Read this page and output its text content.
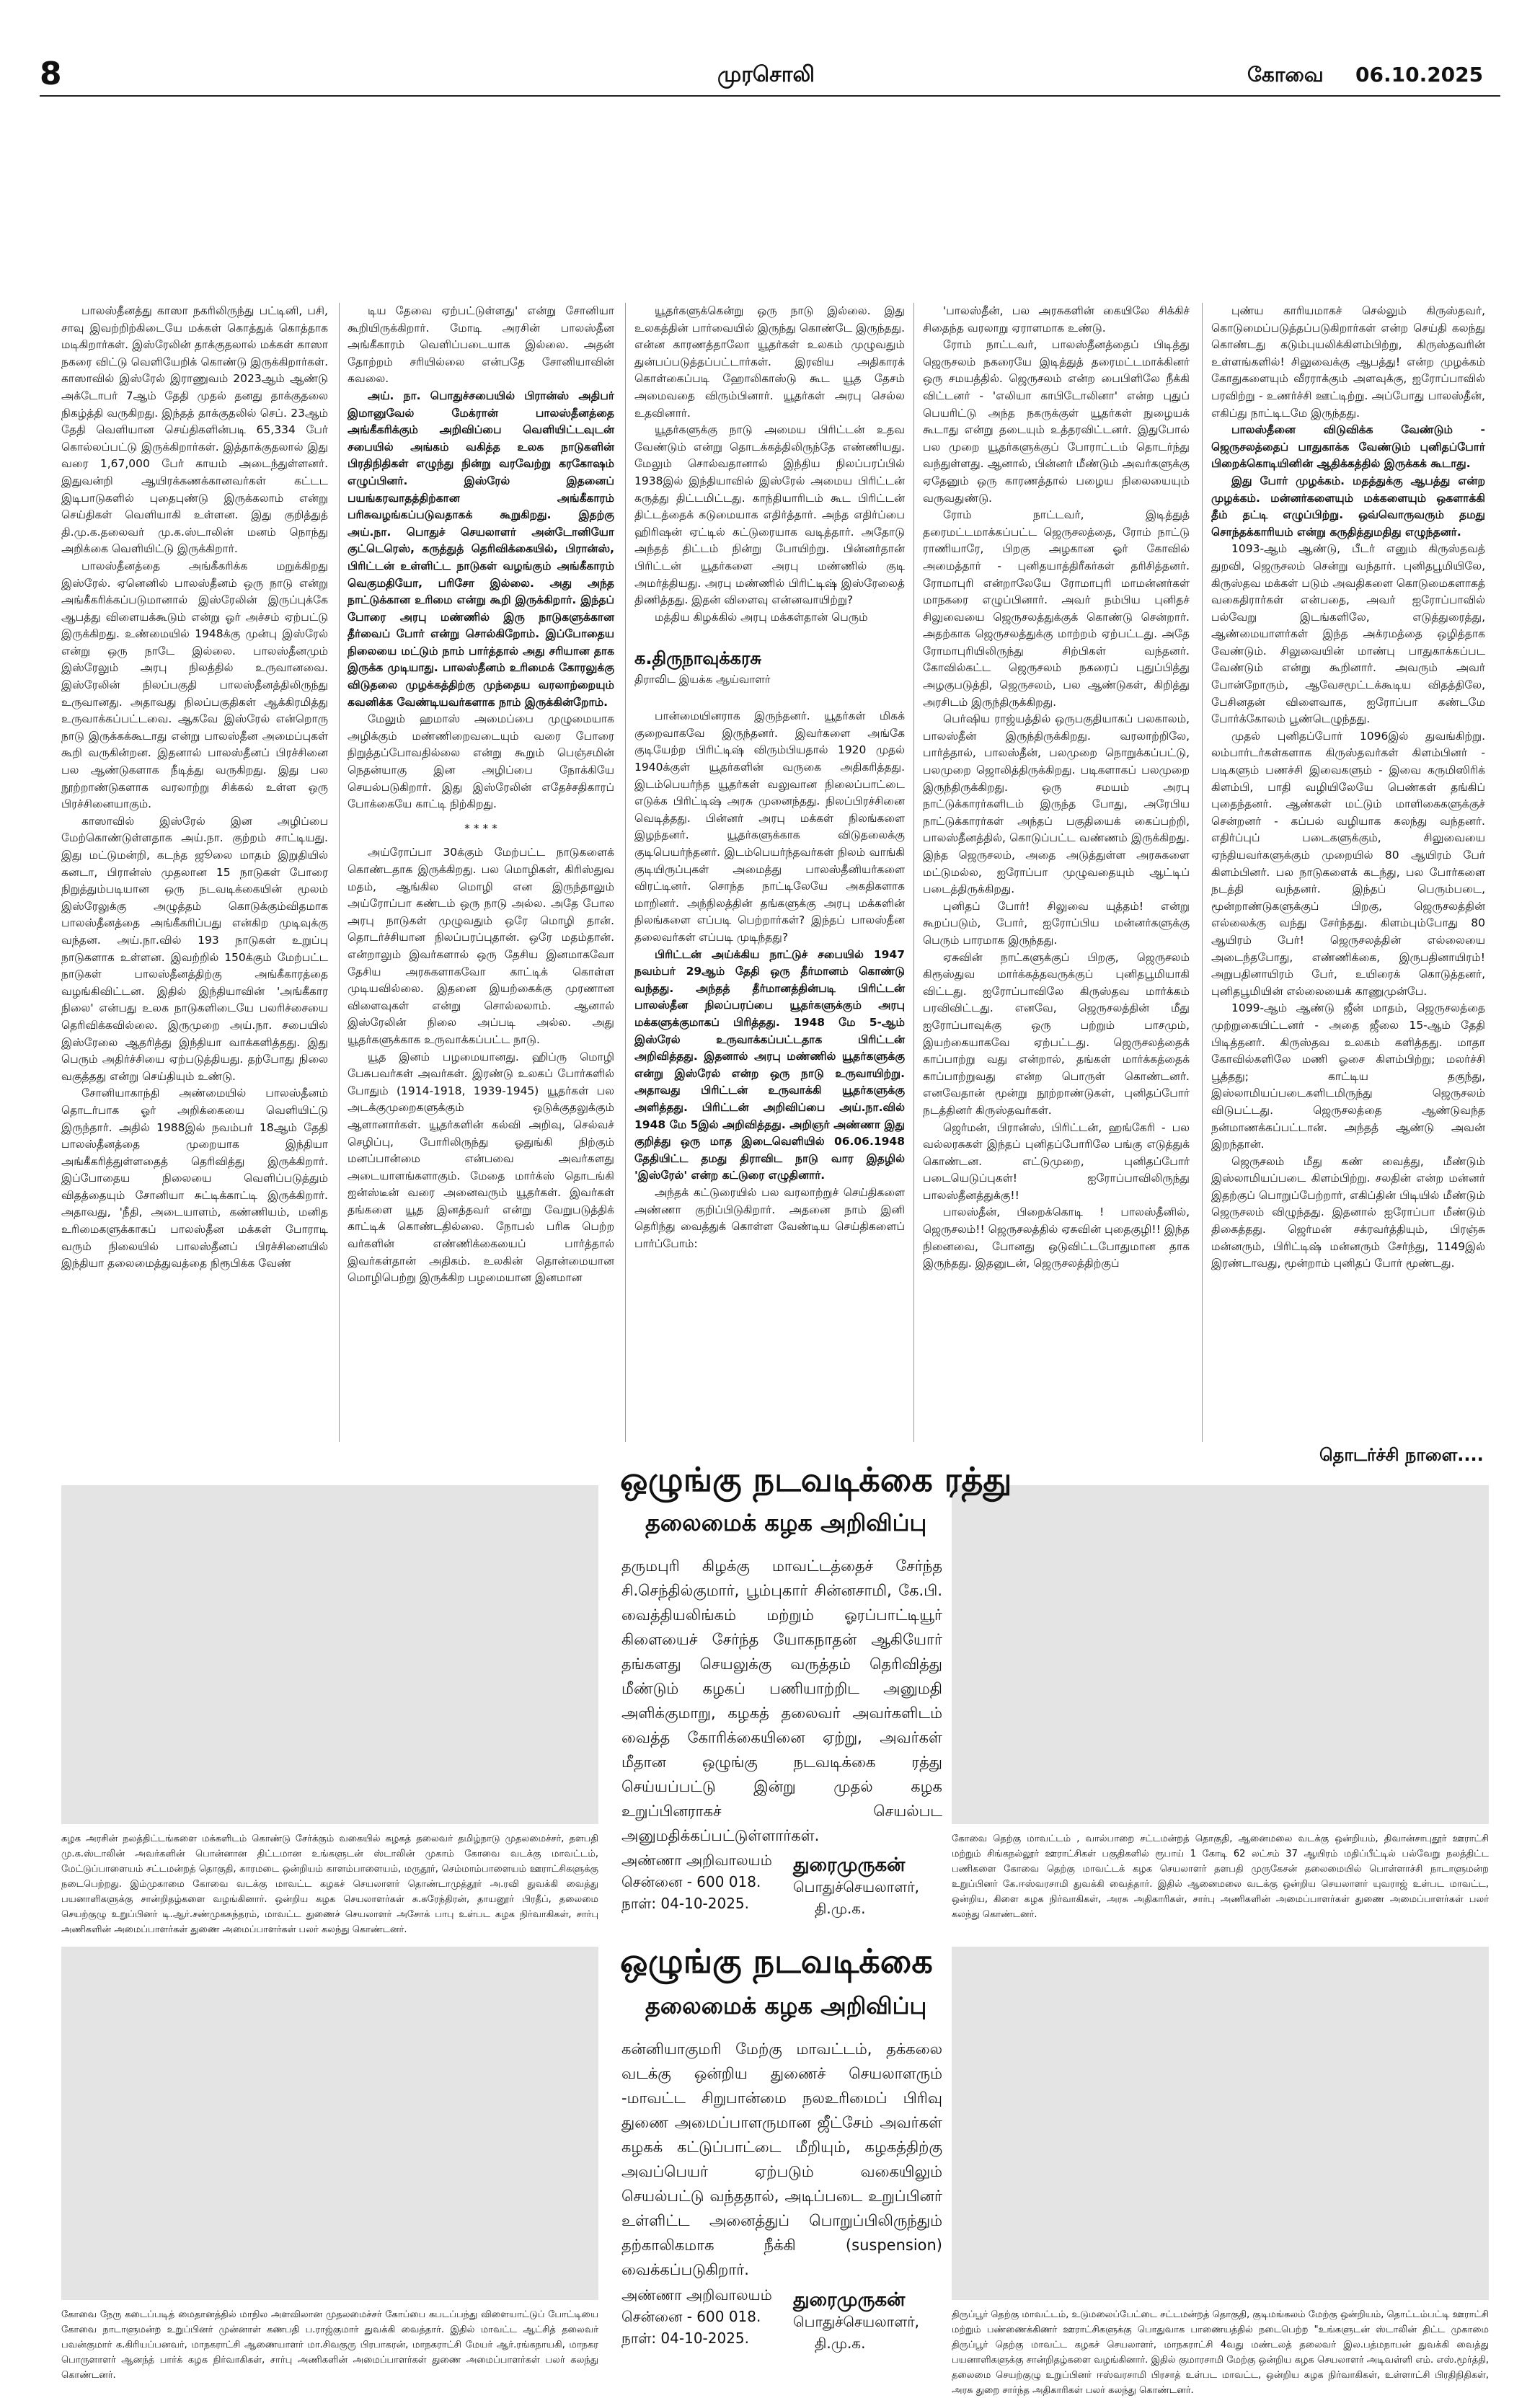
8	முரசொலி	கோவை 06.10.2025

பாலஸ்தீனத்து காஸா நகரிலிருந்து பட்டினி, பசி, சாவு இவற்றிற்கிடையே மக்கள் கொத்துக் கொத்தாக மடிகிறார்கள். இஸ்ரேலின் தாக்குதலால் மக்கள் காஸா நகரை விட்டு வெளியேறிக் கொண்டு இருக்கிறார்கள். காஸாவில் இஸ்ரேல் இராணுவம் 2023ஆம் ஆண்டு அக்டோபர் 7ஆம் தேதி முதல் தனது தாக்குதலை நிகழ்த்தி வருகிறது. இந்தத் தாக்குதலில் செப். 23ஆம் தேதி வெளியான செய்திகளின்படி 65,334 பேர் கொல்லப்பட்டு இருக்கிறார்கள். இத்தாக்குதலால் இது வரை 1,67,000 பேர் காயம் அடைந்துள்ளனர். இதுவன்றி ஆயிரக்கணக்கானவர்கள் கட்டட இடிபாடுகளில் புதைபுண்டு இருக்கலாம் என்று செய்திகள் வெளியாகி உள்ளன. இது குறித்துத் தி.மு.க.தலைவர் மு.க.ஸ்டாலின் மனம் நொந்து அறிக்கை வெளியிட்டு இருக்கிறார்.

பாலஸ்தீனத்தை அங்கீகரிக்க மறுக்கிறது இஸ்ரேல். ஏனெனில் பாலஸ்தீனம் ஒரு நாடு என்று அங்கீகரிக்கப்படுமானால் இஸ்ரேலின் இருப்புக்கே ஆபத்து விளையக்கூடும் என்று ஓர் அச்சம் ஏற்பட்டு இருக்கிறது. உண்மையில் 1948க்கு முன்பு இஸ்ரேல் என்று ஒரு நாடே இல்லை. பாலஸ்தீனமும் இஸ்ரேலும் அரபு நிலத்தில் உருவானவை. இஸ்ரேலின் நிலப்பகுதி பாலஸ்தீனத்திலிருந்து உருவானது. அதாவது நிலப்பகுதிகள் ஆக்கிரமித்து உருவாக்கப்பட்டவை. ஆகவே இஸ்ரேல் என்றொரு நாடு இருக்கக்கூடாது என்று பாலஸ்தீன அமைப்புகள் கூறி வருகின்றன. இதனால் பாலஸ்தீனப் பிரச்சினை பல ஆண்டுகளாக நீடித்து வருகிறது. இது பல நூற்றாண்டுகளாக வரலாற்று சிக்கல் உள்ள ஒரு பிரச்சினையாகும்.

காஸாவில் இஸ்ரேல் இன அழிப்பை மேற்கொண்டுள்ளதாக அய்.நா. குற்றம் சாட்டியது. இது மட்டுமன்றி, கடந்த ஜூலை மாதம் இறுதியில் கனடா, பிரான்ஸ் முதலான 15 நாடுகள் போரை நிறுத்தும்படியான ஒரு நடவடிக்கையின் மூலம் இஸ்ரேலுக்கு அழுத்தம் கொடுக்கும்விதமாக பாலஸ்தீனத்தை அங்கீகரிப்பது என்கிற முடிவுக்கு வந்தன. அய்.நா.வில் 193 நாடுகள் உறுப்பு நாடுகளாக உள்ளன. இவற்றில் 150க்கும் மேற்பட்ட நாடுகள் பாலஸ்தீனத்திற்கு அங்கீகாரத்தை வழங்கிவிட்டன. இதில் இந்தியாவின் 'அங்கீகார நிலை' என்பது உலக நாடுகளிடையே பலரிச்சையை தெரிவிக்கவில்லை. இருமுறை அய்.நா. சபையில் இஸ்ரேலை ஆதரித்து இந்தியா வாக்களித்தது. இது பெரும் அதிர்ச்சியை ஏற்படுத்தியது. தற்போது நிலை வகுத்தது என்று செய்தியும் உண்டு.

சோனியாகாந்தி அண்மையில் பாலஸ்தீனம் தொடர்பாக ஓர் அறிக்கையை வெளியிட்டு இருந்தார். அதில் 1988இல் நவம்பர் 18ஆம் தேதி பாலஸ்தீனத்தை முறையாக இந்தியா அங்கீகரித்துள்ளதைத் தெரிவித்து இருக்கிறார். இப்போதைய நிலையை வெளிப்படுத்தும் விதத்தையும் சோனியா சுட்டிக்காட்டி இருக்கிறார். அதாவது, 'நீதி, அடையாளம், கண்ணியம், மனித உரிமைகளுக்காகப் பாலஸ்தீன மக்கள் போராடி வரும் நிலையில் பாலஸ்தீனப் பிரச்சினையில் இந்தியா தலைமைத்துவத்தை நிரூபிக்க வேண்

டிய தேவை ஏற்பட்டுள்ளது' என்று சோனியா கூறியிருக்கிறார். மோடி அரசின் பாலஸ்தீன அங்கீகாரம் வெளிப்படையாக இல்லை. அதன் தோற்றம் சரியில்லை என்பதே சோனியாவின் கவலை.

அய். நா. பொதுச்சபையில் பிரான்ஸ் அதிபர் இமானுவேல் மேக்ரான் பாலஸ்தீனத்தை அங்கீகரிக்கும் அறிவிப்பை வெளியிட்டவுடன் சபையில் அங்கம் வகித்த உலக நாடுகளின் பிரதிநிதிகள் எழுந்து நின்று வரவேற்று கரகோஷம் எழுப்பினர். இஸ்ரேல் இதனைப் பயங்கரவாதத்திற்கான அங்கீகாரம் பரிசுவழங்கப்படுவதாகக் கூறுகிறது. இதற்கு அய்.நா. பொதுச் செயலாளர் அன்டோனியோ குட்டெரெஸ், கருத்துத் தெரிவிக்கையில், பிரான்ஸ், பிரிட்டன் உள்ளிட்ட நாடுகள் வழங்கும் அங்கீகாரம் வெகுமதியோ, பரிசோ இல்லை. அது அந்த நாட்டுக்கான உரிமை என்று கூறி இருக்கிறார். இந்தப் போரை அரபு மண்ணில் இரு நாடுகளுக்கான தீர்வைப் போர் என்று சொல்கிறோம். இப்போதைய நிலையை மட்டும் நாம் பார்த்தால் அது சரியான தாக இருக்க முடியாது. பாலஸ்தீனம் உரிமைக் கோரலுக்கு விடுதலை முழக்கத்திற்கு முந்தைய வரலாற்றையும் கவனிக்க வேண்டியவர்களாக நாம் இருக்கின்றோம்.

மேலும் ஹமாஸ் அமைப்பை முழுமையாக அழிக்கும் மண்ணிறைவடையும் வரை போரை நிறுத்தப்போவதில்லை என்று கூறும் பெஞ்சமின் நெதன்யாகு இன அழிப்பை நோக்கியே செயல்படுகிறார். இது இஸ்ரேலின் எதேச்சதிகாரப் போக்கையே காட்டி நிற்கிறது.

* * * *

அய்ரோப்பா 30க்கும் மேற்பட்ட நாடுகளைக் கொண்டதாக இருக்கிறது. பல மொழிகள், கிரிஸ்துவ மதம், ஆங்கில மொழி என இருந்தாலும் அய்ரோப்பா கண்டம் ஒரு நாடு அல்ல. அதே போல அரபு நாடுகள் முழுவதும் ஒரே மொழி தான். தொடர்ச்சியான நிலப்பரப்புதான். ஒரே மதம்தான். என்றாலும் இவர்களால் ஒரு தேசிய இனமாகவோ தேசிய அரசுகளாகவோ காட்டிக் கொள்ள முடியவில்லை. இதனை இயற்கைக்கு முரணான விளைவுகள் என்று சொல்லலாம். ஆனால் இஸ்ரேலின் நிலை அப்படி அல்ல. அது யூதர்களுக்காக உருவாக்கப்பட்ட நாடு.

யூத இனம் பழமையானது. ஹிப்ரு மொழி பேசுபவர்கள் அவர்கள். இரண்டு உலகப் போர்களில் போதும் (1914-1918, 1939-1945) யூதர்கள் பல அடக்குமுறைகளுக்கும் ஒடுக்குதலுக்கும் ஆளானார்கள். யூதர்களின் கல்வி அறிவு, செல்வச் செழிப்பு, போரிலிருந்து ஓதுங்கி நிற்கும் மனப்பான்மை என்பவை அவர்களது அடையாளங்களாகும். மேதை மார்க்ஸ் தொடங்கி ஐன்ஸ்டீன் வரை அனைவரும் யூதர்கள். இவர்கள் தங்களை யூத இனத்தவர் என்று வேறுபடுத்திக் காட்டிக் கொண்டதில்லை. நோபல் பரிசு பெற்ற வர்களின் எண்ணிக்கையைப் பார்த்தால் இவர்கள்தான் அதிகம். உலகின் தொன்மையான மொழிபெற்று இருக்கிற பழமையான இனமான

யூதர்களுக்கென்று ஒரு நாடு இல்லை. இது உலகத்தின் பார்வையில் இருந்து கொண்டே இருந்தது. என்ன காரணத்தாலோ யூதர்கள் உலகம் முழுவதும் துன்பப்படுத்தப்பட்டார்கள். இரவிய அதிகாரக் கொள்கைப்படி ஹோலிகாஸ்டு கூட யூத தேசம் அமைவதை விரும்பினார். யூதர்கள் அரபு செல்ல உதவினார்.

யூதர்களுக்கு நாடு அமைய பிரிட்டன் உதவ வேண்டும் என்று தொடக்கத்திலிருந்தே எண்ணியது. மேலும் சொல்வதானால் இந்திய நிலப்பரப்பில் 1938இல் இந்தியாவில் இஸ்ரேல் அமைய பிரிட்டன் கருத்து திட்டமிட்டது. காந்தியாரிடம் கூட பிரிட்டன் திட்டத்தைக் கடுமையாக எதிர்த்தார். அந்த எதிர்ப்பை ஹிரிஷன் ஏட்டில் கட்டுரையாக வடித்தார். அதோடு அந்தத் திட்டம் நின்று போயிற்று. பின்னர்தான் பிரிட்டன் யூதர்களை அரபு மண்ணில் குடி அமர்த்தியது. அரபு மண்ணில் பிரிட்டிஷ் இஸ்ரேலைத் திணித்தது. இதன் விளைவு என்னவாயிற்று?

மத்திய கிழக்கில் அரபு மக்கள்தான் பெரும்

க.திருநாவுக்கரசு
திராவிட இயக்க ஆய்வாளர்

பான்மையினராக இருந்தனர். யூதர்கள் மிகக் குறைவாகவே இருந்தனர். இவர்களை அங்கே குடியேற்ற பிரிட்டிஷ் விரும்பியதால் 1920 முதல் 1940க்குள் யூதர்களின் வருகை அதிகரித்தது. இடம்பெயர்ந்த யூதர்கள் வலுவான நிலைப்பாட்டை எடுக்க பிரிட்டிஷ் அரசு முனைந்தது. நிலப்பிரச்சினை வெடித்தது. பின்னர் அரபு மக்கள் நிலங்களை இழந்தனர். யூதர்களுக்காக விடுதலைக்கு குடிபெயர்ந்தனர். இடம்பெயர்ந்தவர்கள் நிலம் வாங்கி குடியிருப்புகள் அமைத்து பாலஸ்தீனியர்களை விரட்டினர். சொந்த நாட்டிலேயே அகதிகளாக மாறினர். அந்நிலத்தின் தங்களுக்கு அரபு மக்களின் நிலங்களை எப்படி பெற்றார்கள்? இந்தப் பாலஸ்தீன தலைவர்கள் எப்படி முடிந்தது?

பிரிட்டன் அய்க்கிய நாட்டுச் சபையில் 1947 நவம்பர் 29ஆம் தேதி ஒரு தீர்மானம் கொண்டு வந்தது. அந்தத் தீர்மானத்தின்படி பிரிட்டன் பாலஸ்தீன நிலப்பரப்பை யூதர்களுக்கும் அரபு மக்களுக்குமாகப் பிரித்தது. 1948 மே 5-ஆம் இஸ்ரேல் உருவாக்கப்பட்டதாக பிரிட்டன் அறிவித்தது. இதனால் அரபு மண்ணில் யூதர்களுக்கு என்று இஸ்ரேல் என்ற ஒரு நாடு உருவாயிற்று. அதாவது பிரிட்டன் உருவாக்கி யூதர்களுக்கு அளித்தது. பிரிட்டன் அறிவிப்பை அய்.நா.வில் 1948 மே 5இல் அறிவித்தது. அறிஞர் அண்ணா இது குறித்து ஒரு மாத இடைவெளியில் 06.06.1948 தேதியிட்ட தமது திராவிட நாடு வார இதழில் 'இஸ்ரேல்' என்ற கட்டுரை எழுதினார்.

அந்தக் கட்டுரையில் பல வரலாற்றுச் செய்திகளை அண்ணா குறிப்பிடுகிறார். அதனை நாம் இனி தெரிந்து வைத்துக் கொள்ள வேண்டிய செய்திகளைப் பார்ப்போம்:

'பாலஸ்தீன், பல அரசுகளின் கையிலே சிக்கிச் சிதைந்த வரலாறு ஏராளமாக உண்டு.

ரோம் நாட்டவர், பாலஸ்தீனத்தைப் பிடித்து ஜெருசலம் நகரையே இடித்துத் தரைமட்டமாக்கினர் ஒரு சமயத்தில். ஜெருசலம் என்ற பைபிளிலே நீக்கி விட்டனர் - 'எலியா காபிடோலினா' என்ற புதுப் பெயரிட்டு அந்த நகருக்குள் யூதர்கள் நுழையக் கூடாது என்று தடையும் உத்தரவிட்டனர். இதுபோல் பல முறை யூதர்களுக்குப் போராட்டம் தொடர்ந்து வந்துள்ளது. ஆனால், பின்னர் மீண்டும் அவர்களுக்கு ஏதேனும் ஒரு காரணத்தால் பழைய நிலையையும் வருவதுண்டு.

ரோம் நாட்டவர், இடித்துத் தரைமட்டமாக்கப்பட்ட ஜெருசலத்தை, ரோம் நாட்டு ராணியாரே, பிறகு அழகான ஓர் கோவில் அமைத்தார் - புனிதயாத்திரீகர்கள் தரிசித்தனர். ரோமாபுரி என்றாலேயே ரோமாபுரி மாமன்னர்கள் மாநகரை எழுப்பினார். அவர் நம்பிய புனிதச் சிலுவையை ஜெருசலத்துக்குக் கொண்டு சென்றார். அதற்காக ஜெருசலத்துக்கு மாற்றம் ஏற்பட்டது. அதே ரோமாபுரியிலிருந்து சிற்பிகள் வந்தனர். கோவில்கட்ட ஜெருசலம் நகரைப் புதுப்பித்து அழகுபடுத்தி, ஜெருசலம், பல ஆண்டுகள், கிறித்து அரசிடம் இருந்திருக்கிறது.

பெர்ஷிய ராஜ்யத்தில் ஒருபகுதியாகப் பலகாலம், பாலஸ்தீன் இருந்திருக்கிறது. வரலாற்றிலே, பார்த்தால், பாலஸ்தீன், பலமுறை நொறுக்கப்பட்டு, பலமுறை ஜொலித்திருக்கிறது. படிகளாகப் பலமுறை இருந்திருக்கிறது. ஒரு சமயம் அரபு நாட்டுக்காரர்களிடம் இருந்த போது, அரேபிய நாட்டுக்காரர்கள் அந்தப் பகுதியைக் கைப்பற்றி, பாலஸ்தீனத்தில், கொடுப்பட்ட வண்ணம் இருக்கிறது. இந்த ஜெருசலம், அதை அடுத்துள்ள அரசுகளை மட்டுமல்ல, ஐரோப்பா முழுவதையும் ஆட்டிப் படைத்திருக்கிறது.

புனிதப் போர்! சிலுவை யுத்தம்! என்று கூறப்படும், போர், ஐரோப்பிய மன்னர்களுக்கு பெரும் பாரமாக இருந்தது.

ஏசுவின் நாட்களுக்குப் பிறகு, ஜெருசலம் கிரூஸ்துவ மார்க்கத்தவருக்குப் புனிதபூமியாகி விட்டது. ஐரோப்பாவிலே கிருஸ்தவ மார்க்கம் பரவிவிட்டது. எனவே, ஜெருசலத்தின் மீது ஐரோப்பாவுக்கு ஒரு பற்றும் பாசமும், இயற்கையாகவே ஏற்பட்டது. ஜெருசலத்தைக் காப்பாற்று வது என்றால், தங்கள் மார்க்கத்தைக் காப்பாற்றுவது என்ற பொருள் கொண்டனர். எனவேதான் மூன்று நூற்றாண்டுகள், புனிதப்போர் நடத்தினர் கிருஸ்தவர்கள்.

ஜெர்மன், பிரான்ஸ், பிரிட்டன், ஹங்கேரி - பல வல்லரசுகள் இந்தப் புனிதப்போரிலே பங்கு எடுத்துக் கொண்டன. எட்டுமுறை, புனிதப்போர் படையெடுப்புகள்! ஐரோப்பாவிலிருந்து பாலஸ்தீனத்துக்கு!!

பாலஸ்தீன், பிறைக்கொடி ! பாலஸ்தீனில், ஜெருசலம்!! ஜெருசலத்தில் ஏசுவின் புதைகுழி!! இந்த நினைவை, போனது ஒடுவிட்டபோதுமான தாக இருந்தது. இதனுடன், ஜெருசலத்திற்குப்

புண்ய காரியமாகச் செல்லும் கிருஸ்தவர், கொடுமைப்படுத்தப்படுகிறார்கள் என்ற செய்தி கலந்து கொண்டது கடும்புயலிக்கிளம்பிற்று, கிருஸ்தவரின் உள்ளங்களில்! சிலுவைக்கு ஆபத்து! என்ற முழக்கம் கோதுகளையும் வீரராக்கும் அளவுக்கு, ஐரோப்பாவில் பரவிற்று - உணர்ச்சி ஊட்டிற்று. அப்போது பாலஸ்தீன், எகிப்து நாட்டிடமே இருந்தது.

பாலஸ்தீனை விடுவிக்க வேண்டும் - ஜெருசலத்தைப் பாதுகாக்க வேண்டும் புனிதப்போர் பிறைக்கொடியினின் ஆதிக்கத்தில் இருக்கக் கூடாது.

இது போர் முழக்கம். மதத்துக்கு ஆபத்து என்ற முழக்கம். மன்னர்களையும் மக்களையும் ஒகளாக்கி தீம் தட்டி எழுப்பிற்று. ஒவ்வொருவரும் தமது சொந்தக்காரியம் என்று கருதித்துமதிது எழுந்தனர்.

1093-ஆம் ஆண்டு, பீடர் எனும் கிருஸ்தவத் துறவி, ஜெருசலம் சென்று வந்தார். புனிதபூமியிலே, கிருஸ்தவ மக்கள் படும் அவதிகளை கொடுமைகளாகத் வகைதிரார்கள் என்பதை, அவர் ஐரோப்பாவில் பல்வேறு இடங்களிலே, எடுத்துரைத்து, ஆண்மையாளர்கள் இந்த அக்ரமத்தை ஒழித்தாக வேண்டும். சிலுவையின் மாண்பு பாதுகாக்கப்பட வேண்டும் என்று கூறினார். அவரும் அவர் போன்றோரும், ஆவேசமூட்டக்கூடிய விதத்திலே, பேசினதன் விளைவாக, ஐரோப்பா கண்டமே போர்க்கோலம் பூண்டெழுந்தது.

முதல் புனிதப்போர் 1096இல் துவங்கிற்று. லம்பார்டர்கள்களாக கிருஸ்தவர்கள் கிளம்பினர் - படிகளும் பணச்சி இவைகளும் - இவை கருமிஸிரிக் கிளம்பி, பாதி வழியிலேயே பெண்கள் தங்கிப் புதைந்தனர். ஆண்கள் மட்டும் மாளிகைகளுக்குச் சென்றனர் - கப்பல் வழியாக கலந்து வந்தனர். எதிர்ப்புப் படைகளுக்கும், சிலுவையை ஏந்தியவர்களுக்கும் முறையில் 80 ஆயிரம் பேர் கிளம்பினர். பல நாடுகளைக் கடந்து, பல போர்களை நடத்தி வந்தனர். இந்தப் பெரும்படை, மூன்றாண்டுகளுக்குப் பிறகு, ஜெருசலத்தின் எல்லைக்கு வந்து சேர்ந்தது. கிளம்பும்போது 80 ஆயிரம் பேர்! ஜெருசலத்தின் எல்லையை அடைந்தபோது, எண்ணிக்கை, இருபதினாயிரம்! அறுபதினாயிரம் பேர், உயிரைக் கொடுத்தனர், புனிதபூமியின் எல்லையைக் காணுமுன்பே.

1099-ஆம் ஆண்டு ஜீன் மாதம், ஜெருசலத்தை முற்றுகையிட்டனர் - அதை ஜீலை 15-ஆம் தேதி பிடித்தனர். கிருஸ்தவ உலகம் களித்தது. மாதா கோவில்களிலே மணி ஓசை கிளம்பிற்று; மலர்ச்சி பூத்தது; காட்டிய தகுந்து, இஸ்லாமியப்படைகளிடமிருந்து ஜெருசலம் விடுபட்டது. ஜெருசலத்தை ஆண்டுவந்த நன்மாணக்கப்பட்டான். அந்தத் ஆண்டு அவன் இறந்தான்.

ஜெருசலம் மீது கண் வைத்து, மீண்டும் இஸ்லாமியப்படை கிளம்பிற்று. சலதின் என்ற மன்னர் இதற்குப் பொறுப்பேற்றார், எகிப்தின் பிடியில் மீண்டும் ஜெருசலம் விழுந்தது. இதனால் ஐரோப்பா மீண்டும் திகைத்தது. ஜெர்மன் சக்ரவர்த்தியும், பிரஞ்சு மன்னரும், பிரிட்டிஷ் மன்னரும் சேர்ந்து, 1149இல் இரண்டாவது, மூன்றாம் புனிதப் போர் மூண்டது.

தொடர்ச்சி நாளை....
கழக அரசின் நலத்திட்டங்களை மக்களிடம் கொண்டு சேர்க்கும் வகையில் கழகத் தலைவர் தமிழ்நாடு முதலமைச்சர், தளபதி மு.க.ஸ்டாலின் அவர்களின் பொன்னான திட்டமான உங்களுடன் ஸ்டாலின் முகாம் கோவை வடக்கு மாவட்டம், மேட்டுப்பாளையம் சட்டமன்றத் தொகுதி, காரமடை ஒன்றியம் காளம்பாளையம், மருதூர், செம்மாம்பாளையம் ஊராட்சிகளுக்கு நடைபெற்றது. இம்முகாமை கோவை வடக்கு மாவட்ட கழகச் செயலாளர் தொண்டாமுத்தூர் அ.ரவி துவக்கி வைத்து பயனாளிகளுக்கு சான்றிதழ்களை வழங்கினார். ஒன்றிய கழக செயலாளர்கள் சு.சுரேந்திரன், தாயனூர் பிரதீப், தலைமை செயற்குழு உறுப்பினர் டி.ஆர்.சண்முகசுந்தரம், மாவட்ட துணைச் செயலாளர் அசோக் பாபு உள்பட கழக நிர்வாகிகள், சார்பு அணிகளின் அமைப்பாளர்கள் துணை அமைப்பாளர்கள் பலர் கலந்து கொண்டனர்.
கோவை நேரு கடைப்படித் மைதானத்தில் மாநில அளவிலான முதலமைச்சர் கோப்பை கபடப்பந்து விளையாட்டுப் போட்டியை கோவை நாடாளுமன்ற உறுப்பினர் முன்னாள் கணபதி ப.ராஜ்குமார் துவக்கி வைத்தார். இதில் மாவட்ட ஆட்சித் தலைவர் பவன்குமார் க.கிரியப்பனவர், மாநகராட்சி ஆணையாளர் மா.சிவகுரு பிரபாகரன், மாநகராட்சி மேயர் ஆர்.ரங்கநாயகி, மாநகர பொருளாளர் ஆனந்த் பார்க் கழக நிர்வாகிகள், சார்பு அணிகளின் அமைப்பாளர்கள் துணை அமைப்பாளர்கள் பலர் கலந்து கொண்டனர்.
கோவை தெற்கு மாவட்டம் , வால்பாறை சட்டமன்றத் தொகுதி, ஆனைமலை வடக்கு ஒன்றியம், திவான்சாபுதூர் ஊராட்சி மற்றும் சிங்கநல்லூர் ஊராட்சிகள் பகுதிகளில் ரூபாய் 1 கோடி 62 லட்சம் 37 ஆயிரம் மதிப்பீட்டில் பல்வேறு நலத்திட்ட பணிகளை கோவை தெற்கு மாவட்டக் கழக செயலாளர் தளபதி முருகேசன் தலைமையில் பொள்ளாச்சி நாடாளுமன்ற உறுப்பினர் கே.ஈஸ்வரசாமி துவக்கி வைத்தார். இதில் ஆனைமலை வடக்கு ஒன்றிய செயலாளர் யுவராஜ் உள்பட மாவட்ட, ஒன்றிய, கிளை கழக நிர்வாகிகள், அரசு அதிகாரிகள், சார்பு அணிகளின் அமைப்பாளர்கள் துணை அமைப்பாளர்கள் பலர் கலந்து கொண்டனர்.
திருப்பூர் தெற்கு மாவட்டம், உடுமலைப்பேட்டை சட்டமன்றத் தொகுதி, குடிமங்கலம் மேற்கு ஒன்றியம், தொட்டம்பட்டி ஊராட்சி மற்றும் பண்ணைக்கிணர் ஊராட்சிகளுக்கு பொதுவாக பாணையத்தில் நடைபெற்ற "உங்களுடன் ஸ்டாலின் திட்ட முகாமை திருப்பூர் தெற்கு மாவட்ட கழகச் செயலாளர், மாநகராட்சி 4வது மண்டலத் தலைவர் இல.பத்மநாபன் துவக்கி வைத்து பயனாளிகளுக்கு சான்றிதழ்களை வழங்கினார். இதில் குமாரசாமி மேற்கு ஒன்றிய கழக செயலாளர் அடிவள்ளி எம். எஸ்.மூர்த்தி, தலைமை செயற்குழு உறுப்பினர் ஈஸ்வரசாமி பிரசாத் உள்பட மாவட்ட, ஒன்றிய கழக நிர்வாகிகள், உள்ளாட்சி பிரதிநிதிகள், அரசு துறை சார்ந்த அதிகாரிகள் பலர் கலந்து கொண்டனர்.
ஒழுங்கு நடவடிக்கை ரத்து
தலைமைக் கழக அறிவிப்பு
தருமபுரி கிழக்கு மாவட்டத்தைச் சேர்ந்த சி.செந்தில்குமார், பூம்புகார் சின்னசாமி, கே.பி. வைத்தியலிங்கம் மற்றும் ஓரப்பாட்டியூர் கிளையைச் சேர்ந்த யோகநாதன் ஆகியோர் தங்களது செயலுக்கு வருத்தம் தெரிவித்து மீண்டும் கழகப் பணியாற்றிட அனுமதி அளிக்குமாறு, கழகத் தலைவர் அவர்களிடம் வைத்த கோரிக்கையினை ஏற்று, அவர்கள் மீதான ஒழுங்கு நடவடிக்கை ரத்து செய்யப்பட்டு இன்று முதல் கழக உறுப்பினராகச் செயல்பட அனுமதிக்கப்பட்டுள்ளார்கள்.
அண்ணா அறிவாலயம்
சென்னை - 600 018.
நாள்: 04-10-2025.
துரைமுருகன்
பொதுச்செயலாளர்,
தி.மு.க.
ஒழுங்கு நடவடிக்கை
தலைமைக் கழக அறிவிப்பு
கன்னியாகுமரி மேற்கு மாவட்டம், தக்கலை வடக்கு ஒன்றிய துணைச் செயலாளரும் -மாவட்ட சிறுபான்மை நலஉரிமைப் பிரிவு துணை அமைப்பாளருமான ஜீட்சேம் அவர்கள் கழகக் கட்டுப்பாட்டை மீறியும், கழகத்திற்கு அவப்பெயர் ஏற்படும் வகையிலும் செயல்பட்டு வந்ததால், அடிப்படை உறுப்பினர் உள்ளிட்ட அனைத்துப் பொறுப்பிலிருந்தும் தற்காலிகமாக நீக்கி (suspension) வைக்கப்படுகிறார்.
அண்ணா அறிவாலயம்
சென்னை - 600 018.
நாள்: 04-10-2025.
துரைமுருகன்
பொதுச்செயலாளர்,
தி.மு.க.
